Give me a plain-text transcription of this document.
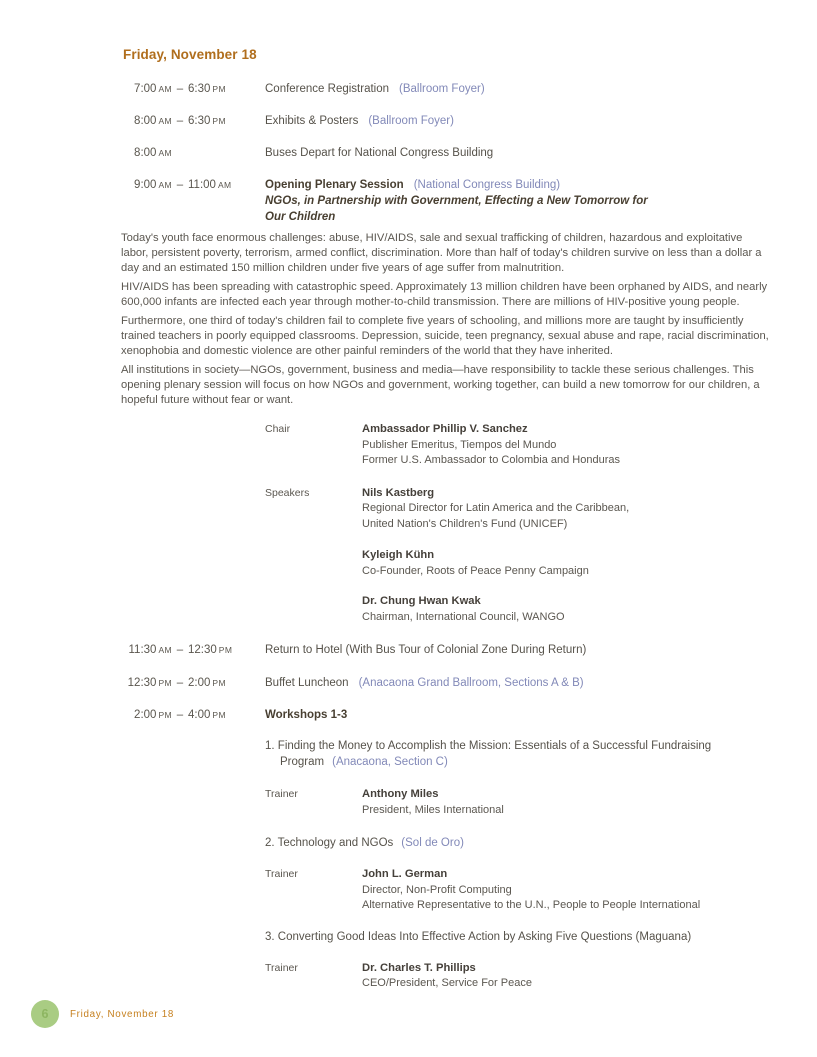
Friday, November 18
7:00 AM – 6:30 PM	Conference Registration (Ballroom Foyer)
8:00 AM – 6:30 PM	Exhibits & Posters (Ballroom Foyer)
8:00 AM	Buses Depart for National Congress Building
9:00 AM – 11:00 AM	Opening Plenary Session (National Congress Building)
NGOs, in Partnership with Government, Effecting a New Tomorrow for Our Children

Today's youth face enormous challenges: abuse, HIV/AIDS, sale and sexual trafficking of children, hazardous and exploitative labor, persistent poverty, terrorism, armed conflict, discrimination. More than half of today's children survive on less than a dollar a day and an estimated 150 million children under five years of age suffer from malnutrition.

HIV/AIDS has been spreading with catastrophic speed. Approximately 13 million children have been orphaned by AIDS, and nearly 600,000 infants are infected each year through mother-to-child transmission. There are millions of HIV-positive young people.

Furthermore, one third of today's children fail to complete five years of schooling, and millions more are taught by insufficiently trained teachers in poorly equipped classrooms. Depression, suicide, teen pregnancy, sexual abuse and rape, racial discrimination, xenophobia and domestic violence are other painful reminders of the world that they have inherited.

All institutions in society—NGOs, government, business and media—have responsibility to tackle these serious challenges. This opening plenary session will focus on how NGOs and government, working together, can build a new tomorrow for our children, a hopeful future without fear or want.

Chair	Ambassador Phillip V. Sanchez
Publisher Emeritus, Tiempos del Mundo
Former U.S. Ambassador to Colombia and Honduras
Speakers	Nils Kastberg
Regional Director for Latin America and the Caribbean,
United Nation's Children's Fund (UNICEF)
Kyleigh Kühn
Co-Founder, Roots of Peace Penny Campaign
Dr. Chung Hwan Kwak
Chairman, International Council, WANGO
11:30 AM – 12:30 PM	Return to Hotel (With Bus Tour of Colonial Zone During Return)
12:30 PM – 2:00 PM	Buffet Luncheon (Anacaona Grand Ballroom, Sections A & B)
2:00 PM – 4:00 PM	Workshops 1-3
1. Finding the Money to Accomplish the Mission: Essentials of a Successful Fundraising Program (Anacaona, Section C)
Trainer	Anthony Miles
President, Miles International
2. Technology and NGOs (Sol de Oro)
Trainer	John L. German
Director, Non-Profit Computing
Alternative Representative to the U.N., People to People International
3. Converting Good Ideas Into Effective Action by Asking Five Questions (Maguana)
Trainer	Dr. Charles T. Phillips
CEO/President, Service For Peace
6	Friday, November 18
